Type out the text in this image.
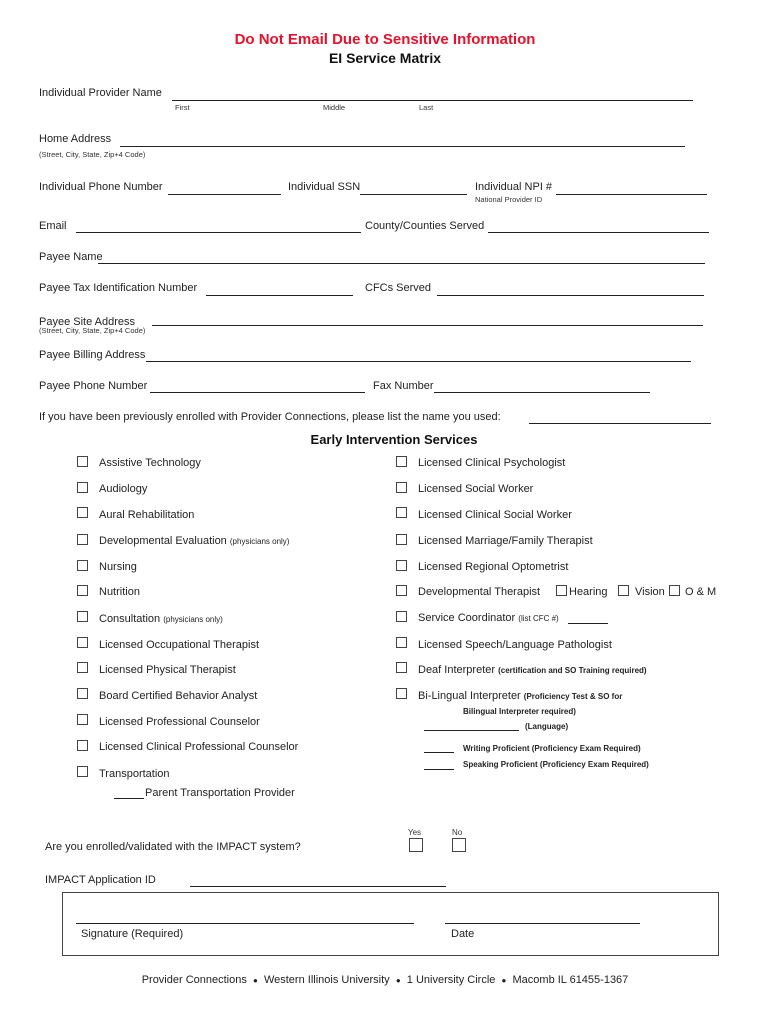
Do Not Email Due to Sensitive Information
EI Service Matrix
Individual Provider Name
First	Middle	Last
Home Address
(Street, City, State, Zip+4 Code)
Individual Phone Number	Individual SSN	Individual NPI #
National Provider ID
Email	County/Counties Served
Payee Name
Payee Tax Identification Number	CFCs Served
Payee Site Address
(Street, City, State, Zip+4 Code)
Payee Billing Address
Payee Phone Number	Fax Number
If you have been previously enrolled with Provider Connections, please list the name you used:
Early Intervention Services
Assistive Technology
Audiology
Aural Rehabilitation
Developmental Evaluation (physicians only)
Nursing
Nutrition
Consultation (physicians only)
Licensed Occupational Therapist
Licensed Physical Therapist
Board Certified Behavior Analyst
Licensed Professional Counselor
Licensed Clinical Professional Counselor
Transportation
Parent Transportation Provider
Licensed Clinical Psychologist
Licensed Social Worker
Licensed Clinical Social Worker
Licensed Marriage/Family Therapist
Licensed Regional Optometrist
Developmental Therapist	Hearing Vision O & M
Service Coordinator (list CFC #)
Licensed Speech/Language Pathologist
Deaf Interpreter (certification and SO Training required)
Bi-Lingual Interpreter (Proficiency Test & SO for
Bilingual Interpreter required)
(Language)
Writing Proficient (Proficiency Exam Required)
Speaking Proficient (Proficiency Exam Required)
Yes	No
Are you enrolled/validated with the IMPACT system?
IMPACT Application ID
Signature (Required)	Date
Provider Connections ● Western Illinois University ● 1 University Circle ● Macomb IL 61455-1367
